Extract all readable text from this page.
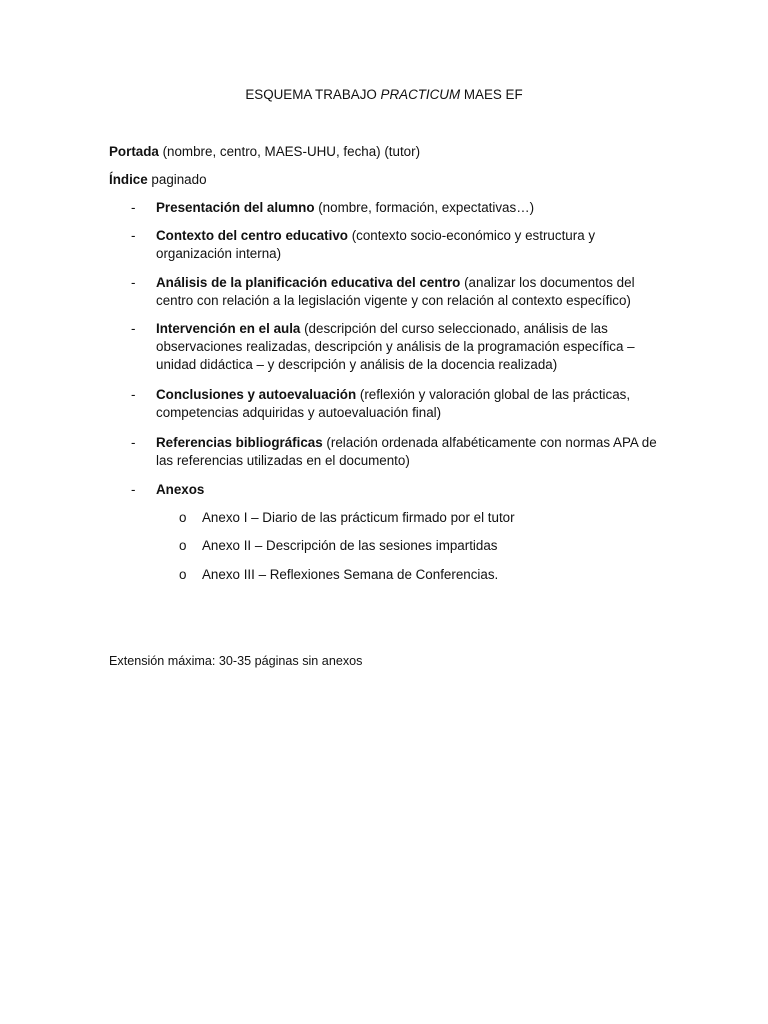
ESQUEMA TRABAJO PRACTICUM MAES EF
Portada (nombre, centro, MAES-UHU, fecha) (tutor)
Índice paginado
- Presentación del alumno (nombre, formación, expectativas…)
- Contexto del centro educativo (contexto socio-económico y estructura y organización interna)
- Análisis de la planificación educativa del centro (analizar los documentos del centro con relación a la legislación vigente y con relación al contexto específico)
- Intervención en el aula (descripción del curso seleccionado, análisis de las observaciones realizadas, descripción y análisis de la programación específica – unidad didáctica – y descripción y análisis de la docencia realizada)
- Conclusiones y autoevaluación (reflexión y valoración global de las prácticas, competencias adquiridas y autoevaluación final)
- Referencias bibliográficas (relación ordenada alfabéticamente con normas APA de las referencias utilizadas en el documento)
- Anexos
o Anexo I – Diario de las prácticum firmado por el tutor
o Anexo II – Descripción de las sesiones impartidas
o Anexo III – Reflexiones Semana de Conferencias.
Extensión máxima: 30-35 páginas sin anexos
